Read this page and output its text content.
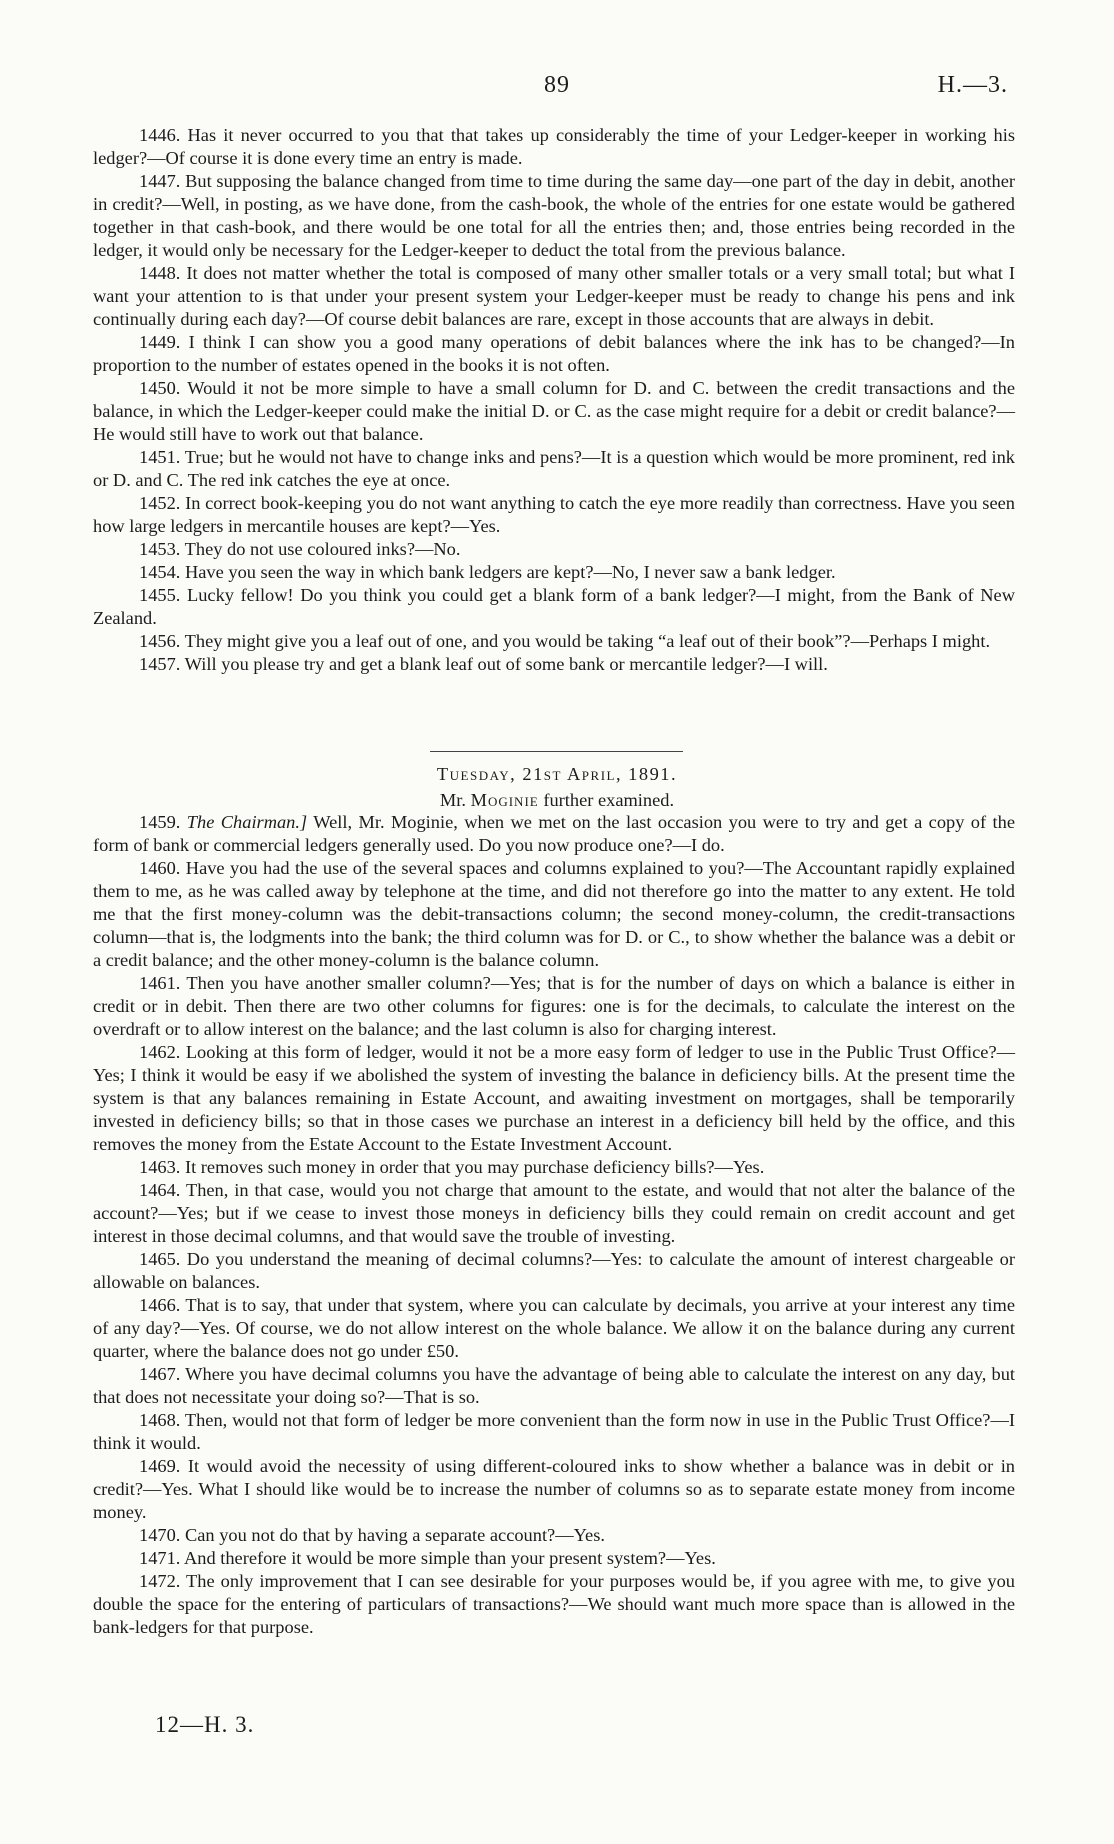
89	H.—3.

1446. Has it never occurred to you that that takes up considerably the time of your Ledger-keeper in working his ledger?—Of course it is done every time an entry is made.

1447. But supposing the balance changed from time to time during the same day—one part of the day in debit, another in credit?—Well, in posting, as we have done, from the cash-book, the whole of the entries for one estate would be gathered together in that cash-book, and there would be one total for all the entries then; and, those entries being recorded in the ledger, it would only be necessary for the Ledger-keeper to deduct the total from the previous balance.

1448. It does not matter whether the total is composed of many other smaller totals or a very small total; but what I want your attention to is that under your present system your Ledger-keeper must be ready to change his pens and ink continually during each day?—Of course debit balances are rare, except in those accounts that are always in debit.

1449. I think I can show you a good many operations of debit balances where the ink has to be changed?—In proportion to the number of estates opened in the books it is not often.

1450. Would it not be more simple to have a small column for D. and C. between the credit transactions and the balance, in which the Ledger-keeper could make the initial D. or C. as the case might require for a debit or credit balance?—He would still have to work out that balance.

1451. True; but he would not have to change inks and pens?—It is a question which would be more prominent, red ink or D. and C. The red ink catches the eye at once.

1452. In correct book-keeping you do not want anything to catch the eye more readily than correctness. Have you seen how large ledgers in mercantile houses are kept?—Yes.

1453. They do not use coloured inks?—No.

1454. Have you seen the way in which bank ledgers are kept?—No, I never saw a bank ledger.

1455. Lucky fellow! Do you think you could get a blank form of a bank ledger?—I might, from the Bank of New Zealand.

1456. They might give you a leaf out of one, and you would be taking “a leaf out of their book”?—Perhaps I might.

1457. Will you please try and get a blank leaf out of some bank or mercantile ledger?—I will.

Tuesday, 21st April, 1891.
Mr. Moginie further examined.

1459. The Chairman.] Well, Mr. Moginie, when we met on the last occasion you were to try and get a copy of the form of bank or commercial ledgers generally used. Do you now produce one?—I do.

1460. Have you had the use of the several spaces and columns explained to you?—The Accountant rapidly explained them to me, as he was called away by telephone at the time, and did not therefore go into the matter to any extent. He told me that the first money-column was the debit-transactions column; the second money-column, the credit-transactions column—that is, the lodgments into the bank; the third column was for D. or C., to show whether the balance was a debit or a credit balance; and the other money-column is the balance column.

1461. Then you have another smaller column?—Yes; that is for the number of days on which a balance is either in credit or in debit. Then there are two other columns for figures: one is for the decimals, to calculate the interest on the overdraft or to allow interest on the balance; and the last column is also for charging interest.

1462. Looking at this form of ledger, would it not be a more easy form of ledger to use in the Public Trust Office?—Yes; I think it would be easy if we abolished the system of investing the balance in deficiency bills. At the present time the system is that any balances remaining in Estate Account, and awaiting investment on mortgages, shall be temporarily invested in deficiency bills; so that in those cases we purchase an interest in a deficiency bill held by the office, and this removes the money from the Estate Account to the Estate Investment Account.

1463. It removes such money in order that you may purchase deficiency bills?—Yes.

1464. Then, in that case, would you not charge that amount to the estate, and would that not alter the balance of the account?—Yes; but if we cease to invest those moneys in deficiency bills they could remain on credit account and get interest in those decimal columns, and that would save the trouble of investing.

1465. Do you understand the meaning of decimal columns?—Yes: to calculate the amount of interest chargeable or allowable on balances.

1466. That is to say, that under that system, where you can calculate by decimals, you arrive at your interest any time of any day?—Yes. Of course, we do not allow interest on the whole balance. We allow it on the balance during any current quarter, where the balance does not go under £50.

1467. Where you have decimal columns you have the advantage of being able to calculate the interest on any day, but that does not necessitate your doing so?—That is so.

1468. Then, would not that form of ledger be more convenient than the form now in use in the Public Trust Office?—I think it would.

1469. It would avoid the necessity of using different-coloured inks to show whether a balance was in debit or in credit?—Yes. What I should like would be to increase the number of columns so as to separate estate money from income money.

1470. Can you not do that by having a separate account?—Yes.

1471. And therefore it would be more simple than your present system?—Yes.

1472. The only improvement that I can see desirable for your purposes would be, if you agree with me, to give you double the space for the entering of particulars of transactions?—We should want much more space than is allowed in the bank-ledgers for that purpose.

12—H. 3.
